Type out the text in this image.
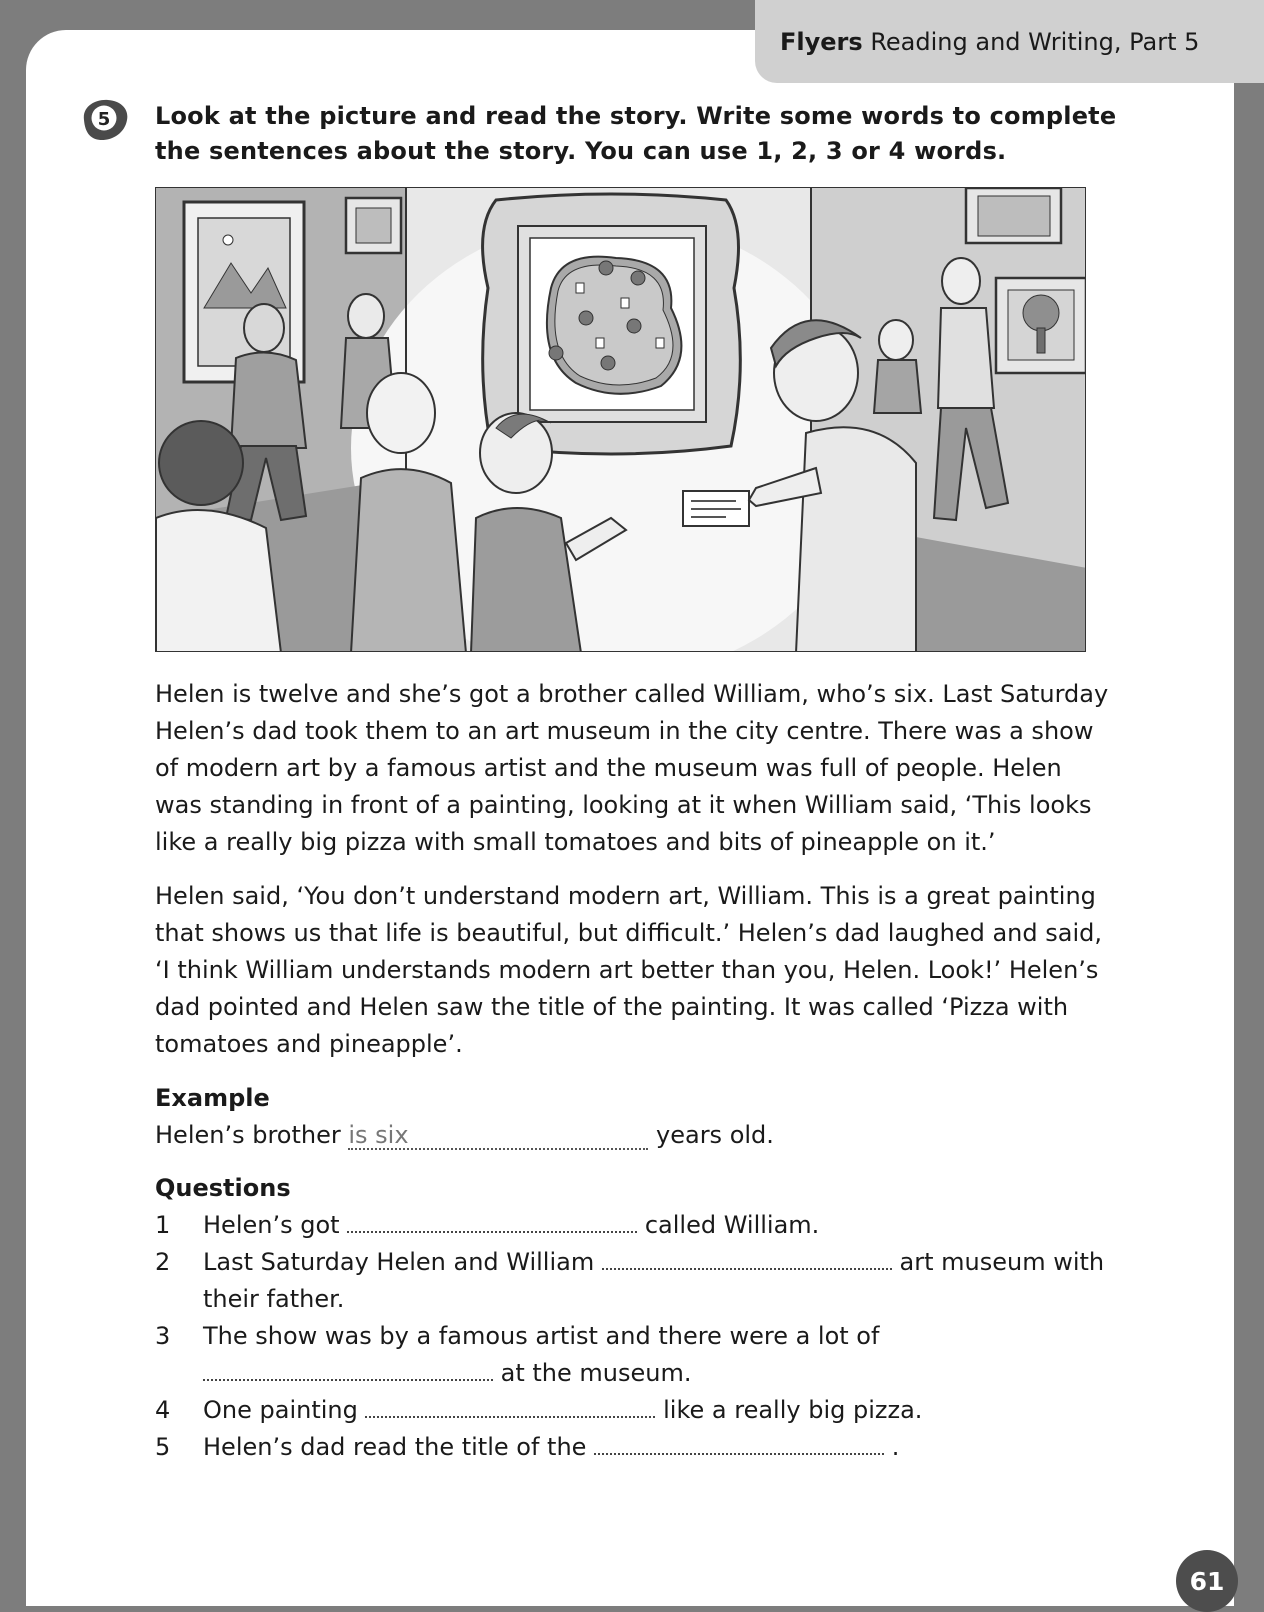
Flyers Reading and Writing, Part 5
5 Look at the picture and read the story. Write some words to complete the sentences about the story. You can use 1, 2, 3 or 4 words.

Helen is twelve and she’s got a brother called William, who’s six. Last Saturday Helen’s dad took them to an art museum in the city centre. There was a show of modern art by a famous artist and the museum was full of people. Helen was standing in front of a painting, looking at it when William said, ‘This looks like a really big pizza with small tomatoes and bits of pineapple on it.’

Helen said, ‘You don’t understand modern art, William. This is a great painting that shows us that life is beautiful, but difficult.’ Helen’s dad laughed and said, ‘I think William understands modern art better than you, Helen. Look!’ Helen’s dad pointed and Helen saw the title of the painting. It was called ‘Pizza with tomatoes and pineapple’.

Example
Helen’s brother is six	years old.
Questions
1	Helen’s got	called William.
2	Last Saturday Helen and William	art museum with their father.
3	The show was by a famous artist and there were a lot of  at the museum.
4	One painting	like a really big pizza.
5	Helen’s dad read the title of the	.
61
